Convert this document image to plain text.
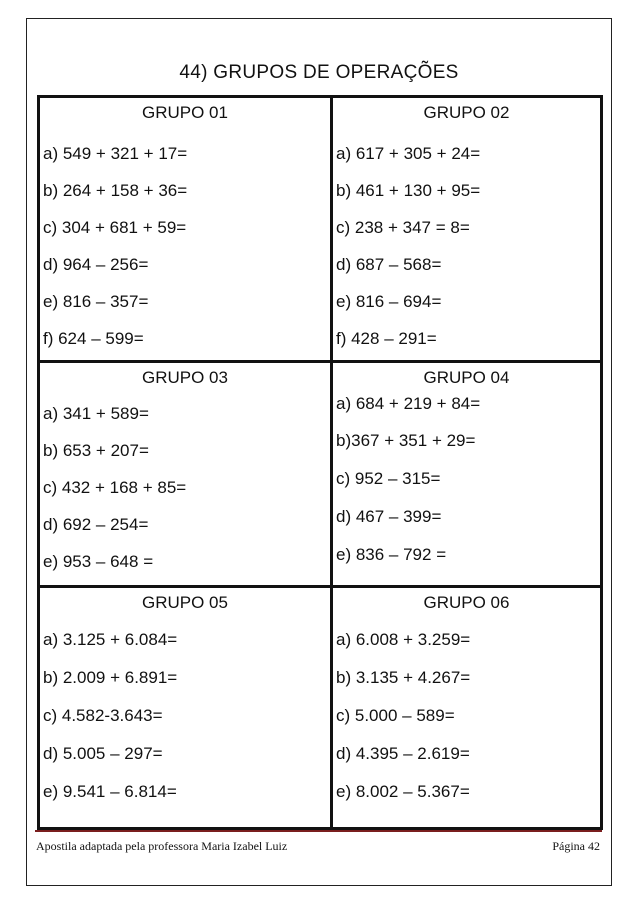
44) GRUPOS DE OPERAÇÕES
GRUPO 01
a) 549 + 321 + 17=
b) 264 + 158 + 36=
c) 304 + 681 + 59=
d) 964 – 256=
e) 816 – 357=
f) 624 – 599=
GRUPO 02
a) 617 + 305 + 24=
b) 461 + 130 + 95=
c) 238 + 347 = 8=
d) 687 – 568=
e) 816 – 694=
f) 428 – 291=
GRUPO 03
a) 341 + 589=
b) 653 + 207=
c) 432 + 168 + 85=
d) 692 – 254=
e) 953 – 648 =
GRUPO 04
a) 684 + 219 + 84=
b)367 + 351 + 29=
c) 952 – 315=
d) 467 – 399=
e) 836 – 792 =
GRUPO 05
a) 3.125 + 6.084=
b) 2.009 + 6.891=
c) 4.582-3.643=
d) 5.005 – 297=
e) 9.541 – 6.814=
GRUPO 06
a) 6.008 + 3.259=
b) 3.135 + 4.267=
c) 5.000 – 589=
d) 4.395 – 2.619=
e) 8.002 – 5.367=
Apostila adaptada pela professora Maria Izabel Luiz	Página 42
